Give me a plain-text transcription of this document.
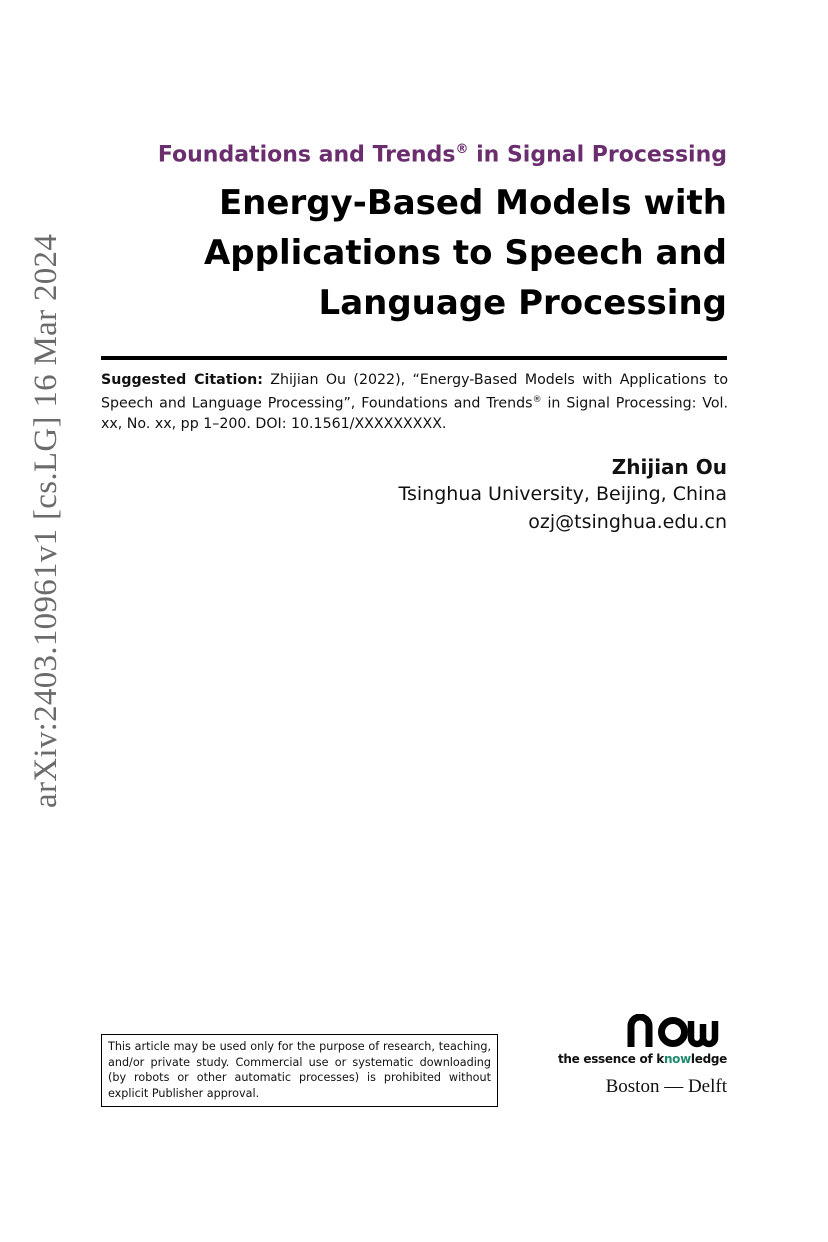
arXiv:2403.10961v1 [cs.LG] 16 Mar 2024
Foundations and Trends® in Signal Processing
Energy-Based Models with
Applications to Speech and
Language Processing
Suggested Citation: Zhijian Ou (2022), “Energy-Based Models with Applications to Speech and Language Processing”, Foundations and Trends® in Signal Processing: Vol. xx, No. xx, pp 1–200. DOI: 10.1561/XXXXXXXXX.
Zhijian Ou
Tsinghua University, Beijing, China
ozj@tsinghua.edu.cn
This article may be used only for the purpose of research, teaching, and/or private study. Commercial use or systematic downloading (by robots or other automatic processes) is prohibited without explicit Publisher approval.
the essence of knowledge
Boston — Delft
